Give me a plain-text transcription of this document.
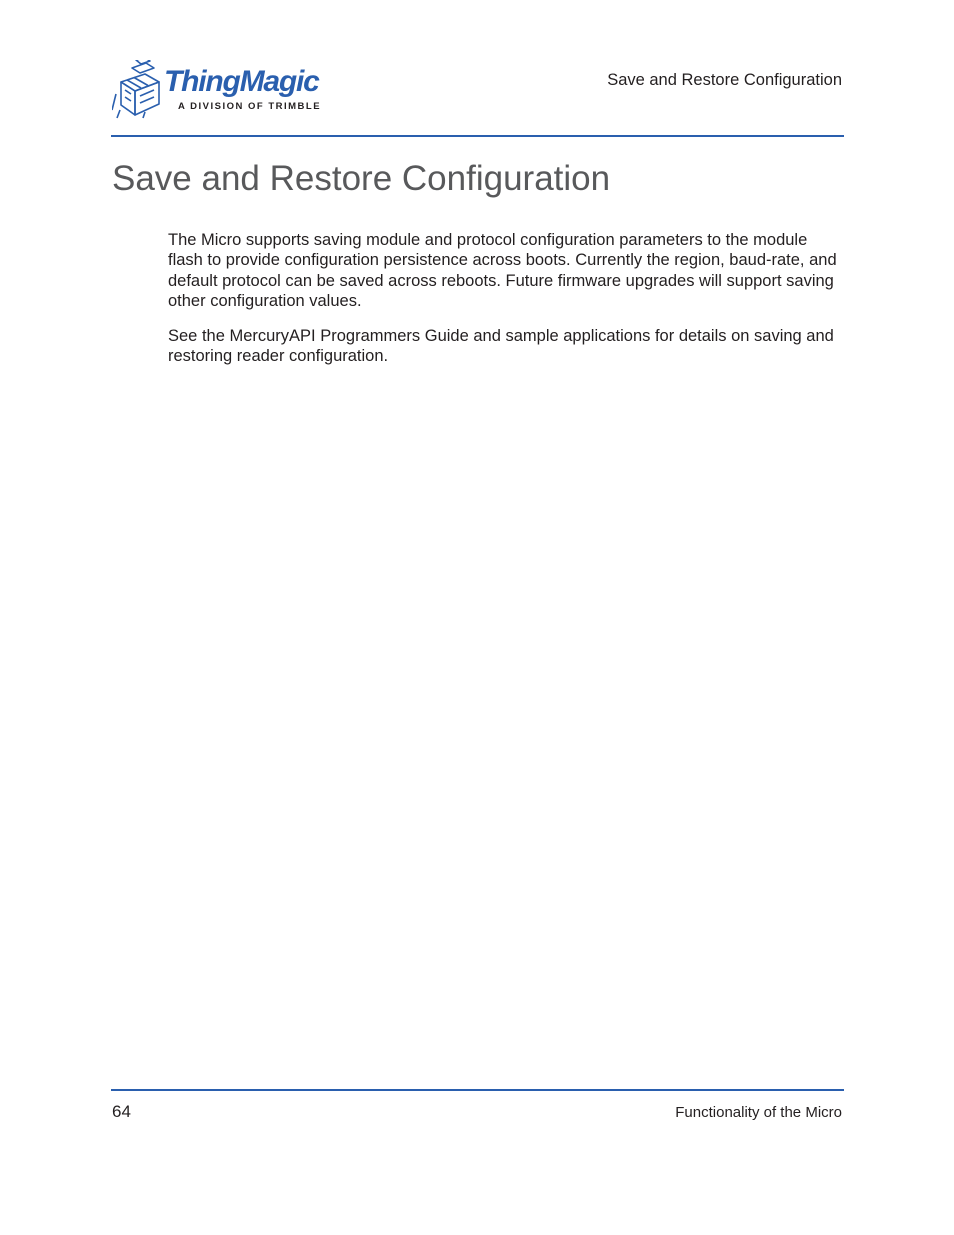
ThingMagic
A DIVISION OF TRIMBLE
Save and Restore Configuration
Save and Restore Configuration

The Micro supports saving module and protocol configuration parameters to the module flash to provide configuration persistence across boots. Currently the region, baud-rate, and default protocol can be saved across reboots. Future firmware upgrades will support saving other configuration values.

See the MercuryAPI Programmers Guide and sample applications for details on saving and restoring reader configuration.

64	Functionality of the Micro
